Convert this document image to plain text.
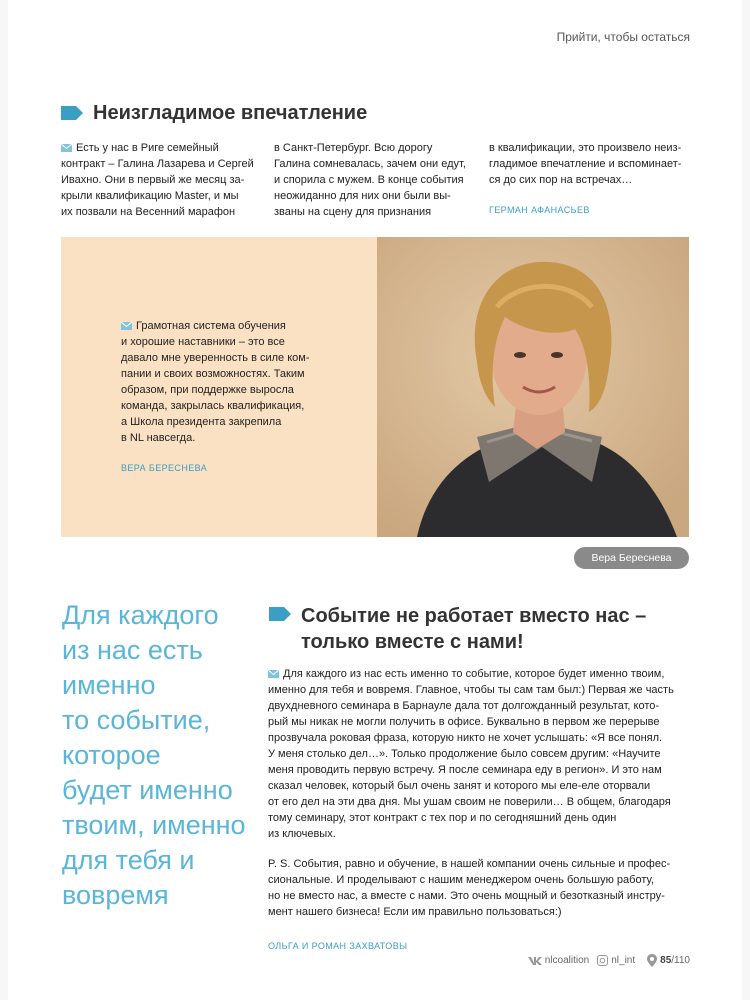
Прийти, чтобы остаться
Неизгладимое впечатление
Есть у нас в Риге семейный
контракт – Галина Лазарева и Сергей
Ивахно. Они в первый же месяц за-
крыли квалификацию Master, и мы
их позвали на Весенний марафон
в Санкт-Петербург. Всю дорогу
Галина сомневалась, зачем они едут,
и спорила с мужем. В конце события
неожиданно для них они были вы-
званы на сцену для признания
в квалификации, это произвело неиз-
гладимое впечатление и вспоминает-
ся до сих пор на встречах…
ГЕРМАН АФАНАСЬЕВ
Грамотная система обучения
и хорошие наставники – это все
давало мне уверенность в силе ком-
пании и своих возможностях. Таким
образом, при поддержке выросла
команда, закрылась квалификация,
а Школа президента закрепила
в NL навсегда.
ВЕРА БЕРЕСНЕВА
Вера Береснева
Для каждого
из нас есть
именно
то событие,
которое
будет именно
твоим, именно
для тебя и
вовремя
Событие не работает вместо нас –
только вместе с нами!
Для каждого из нас есть именно то событие, которое будет именно твоим,
именно для тебя и вовремя. Главное, чтобы ты сам там был:) Первая же часть
двухдневного семинара в Барнауле дала тот долгожданный результат, кото-
рый мы никак не могли получить в офисе. Буквально в первом же перерыве
прозвучала роковая фраза, которую никто не хочет услышать: «Я все понял.
У меня столько дел…». Только продолжение было совсем другим: «Научите
меня проводить первую встречу. Я после семинара еду в регион». И это нам
сказал человек, который был очень занят и которого мы еле-еле оторвали
от его дел на эти два дня. Мы ушам своим не поверили… В общем, благодаря
тому семинару, этот контракт с тех пор и по сегодняшний день один
из ключевых.
P. S. События, равно и обучение, в нашей компании очень сильные и профес-
сиональные. И проделывают с нашим менеджером очень большую работу,
но не вместо нас, а вместе с нами. Это очень мощный и безотказный инстру-
мент нашего бизнеса! Если им правильно пользоваться:)
ОЛЬГА И РОМАН ЗАХВАТОВЫ
nlcoalition nl_int	85 /110
